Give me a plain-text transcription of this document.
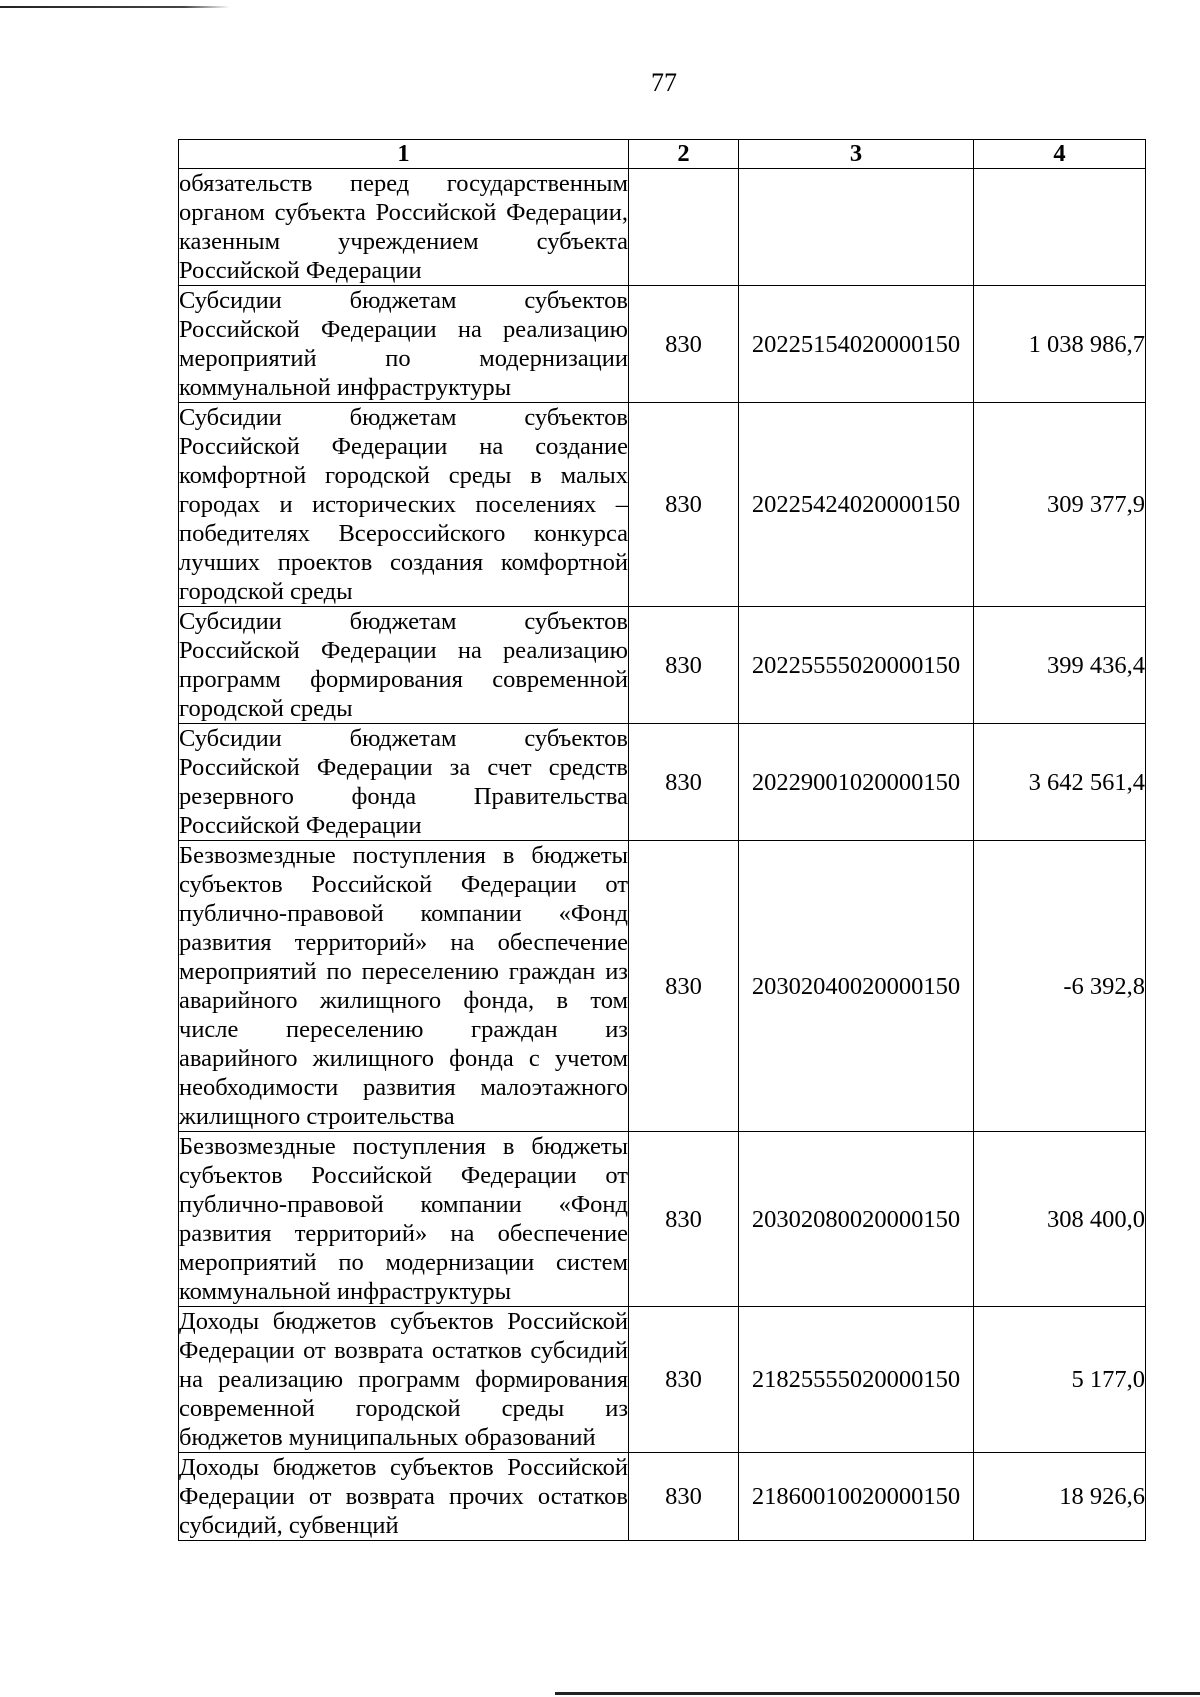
77
1	2	3	4
обязательств перед государственным органом субъекта Российской Федерации, казенным учреждением субъекта Российской Федерации			
Субсидии бюджетам субъектов Российской Федерации на реализацию мероприятий по модернизации коммунальной инфраструктуры	830	20225154020000150	1 038 986,7
Субсидии бюджетам субъектов Российской Федерации на создание комфортной городской среды в малых городах и исторических поселениях – победителях Всероссийского конкурса лучших проектов создания комфортной городской среды	830	20225424020000150	309 377,9
Субсидии бюджетам субъектов Российской Федерации на реализацию программ формирования современной городской среды	830	20225555020000150	399 436,4
Субсидии бюджетам субъектов Российской Федерации за счет средств резервного фонда Правительства Российской Федерации	830	20229001020000150	3 642 561,4
Безвозмездные поступления в бюджеты субъектов Российской Федерации от публично-правовой компании «Фонд развития территорий» на обеспечение мероприятий по переселению граждан из аварийного жилищного фонда, в том числе переселению граждан из аварийного жилищного фонда с учетом необходимости развития малоэтажного жилищного строительства	830	20302040020000150	-6 392,8
Безвозмездные поступления в бюджеты субъектов Российской Федерации от публично-правовой компании «Фонд развития территорий» на обеспечение мероприятий по модернизации систем коммунальной инфраструктуры	830	20302080020000150	308 400,0
Доходы бюджетов субъектов Российской Федерации от возврата остатков субсидий на реализацию программ формирования современной городской среды из бюджетов муниципальных образований	830	21825555020000150	5 177,0
Доходы бюджетов субъектов Российской Федерации от возврата прочих остатков субсидий, субвенций	830	21860010020000150	18 926,6
